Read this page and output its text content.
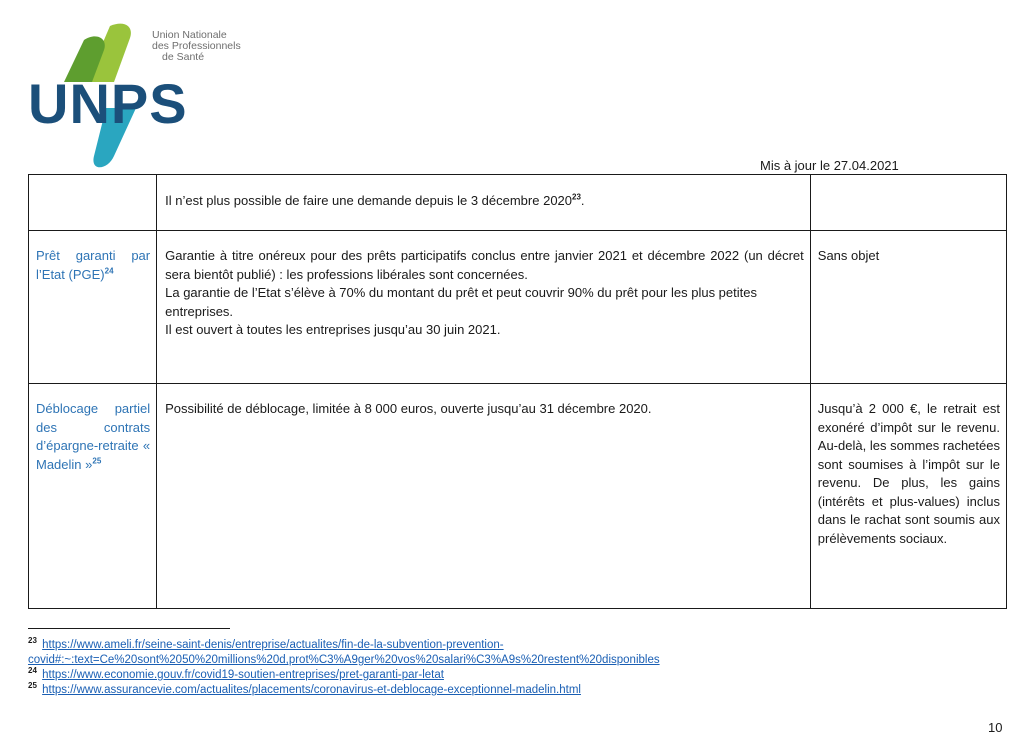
Union Nationale
des Professionnels
de Santé
UNPS
Mis à jour le 27.04.2021
	Il n’est plus possible de faire une demande depuis le 3 décembre 2020$^{23}$.	
Prêt garanti par l’Etat (PGE)$^{24}$	Garantie à titre onéreux pour des prêts participatifs conclus entre janvier 2021 et décembre 2022 (un décret sera bientôt publié) : les professions libérales sont concernées.
La garantie de l’Etat s’élève à 70% du montant du prêt et peut couvrir 90% du prêt pour les plus petites entreprises.
Il est ouvert à toutes les entreprises jusqu’au 30 juin 2021.	Sans objet
Déblocage partiel des contrats d’épargne-retraite « Madelin »$^{25}$	Possibilité de déblocage, limitée à 8 000 euros, ouverte jusqu’au 31 décembre 2020.	Jusqu’à 2 000 €, le retrait est exonéré d’impôt sur le revenu. Au-delà, les sommes rachetées sont soumises à l’impôt sur le revenu. De plus, les gains (intérêts et plus-values) inclus dans le rachat sont soumis aux prélèvements sociaux.
$^{23}$ https://www.ameli.fr/seine-saint-denis/entreprise/actualites/fin-de-la-subvention-prevention-
covid#:~:text=Ce%20sont%2050%20millions%20d,prot%C3%A9ger%20vos%20salari%C3%A9s%20restent%20disponibles
$^{24}$ https://www.economie.gouv.fr/covid19-soutien-entreprises/pret-garanti-par-letat
$^{25}$ https://www.assurancevie.com/actualites/placements/coronavirus-et-deblocage-exceptionnel-madelin.html
10
